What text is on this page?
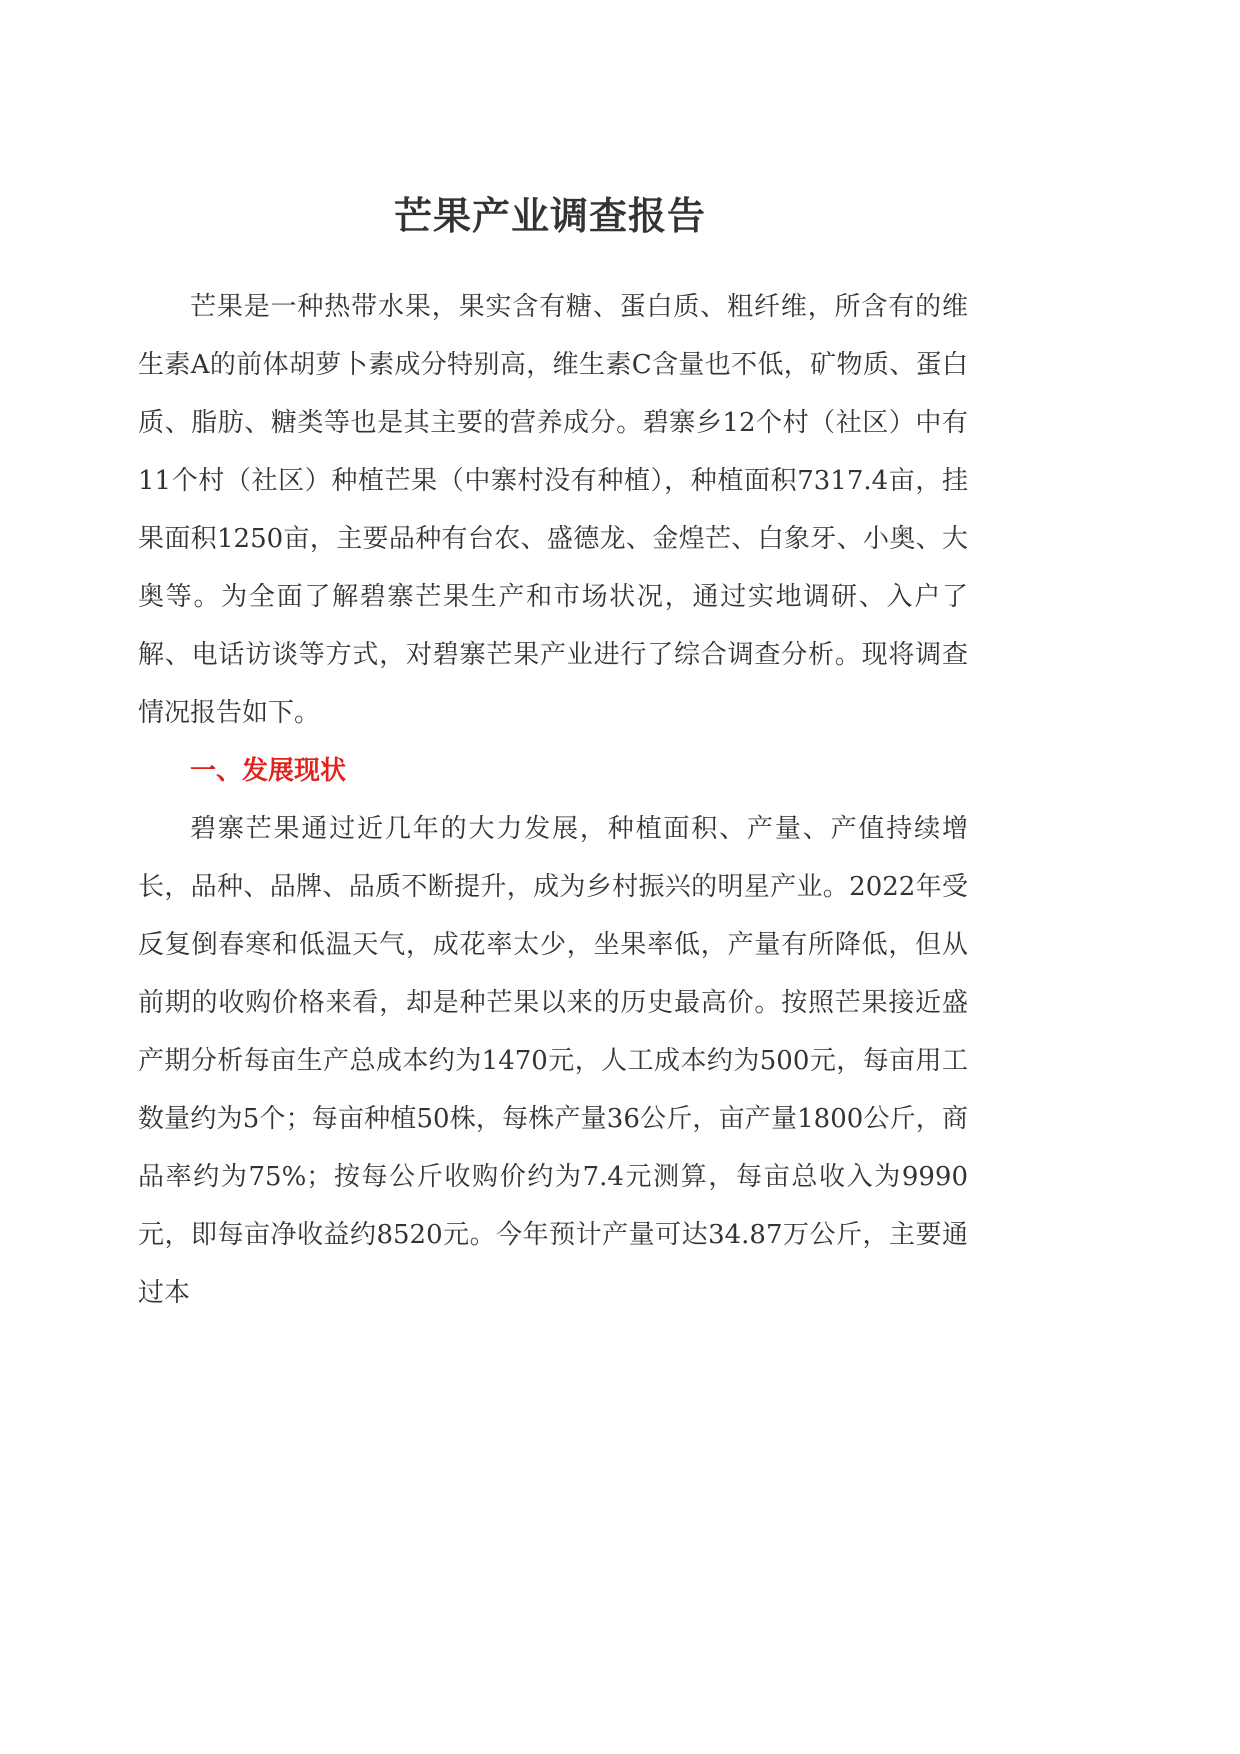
芒果产业调查报告

芒果是一种热带水果，果实含有糖、蛋白质、粗纤维，所含有的维生素A的前体胡萝卜素成分特别高，维生素C含量也不低，矿物质、蛋白质、脂肪、糖类等也是其主要的营养成分。碧寨乡12个村（社区）中有11个村（社区）种植芒果（中寨村没有种植），种植面积7317.4亩，挂果面积1250亩，主要品种有台农、盛德龙、金煌芒、白象牙、小奥、大奥等。为全面了解碧寨芒果生产和市场状况，通过实地调研、入户了解、电话访谈等方式，对碧寨芒果产业进行了综合调查分析。现将调查情况报告如下。

一、发展现状

碧寨芒果通过近几年的大力发展，种植面积、产量、产值持续增长，品种、品牌、品质不断提升，成为乡村振兴的明星产业。2022年受反复倒春寒和低温天气，成花率太少，坐果率低，产量有所降低，但从前期的收购价格来看，却是种芒果以来的历史最高价。按照芒果接近盛产期分析每亩生产总成本约为1470元，人工成本约为500元，每亩用工数量约为5个；每亩种植50株，每株产量36公斤，亩产量1800公斤，商品率约为75%；按每公斤收购价约为7.4元测算，每亩总收入为9990元，即每亩净收益约8520元。今年预计产量可达34.87万公斤，主要通过本
